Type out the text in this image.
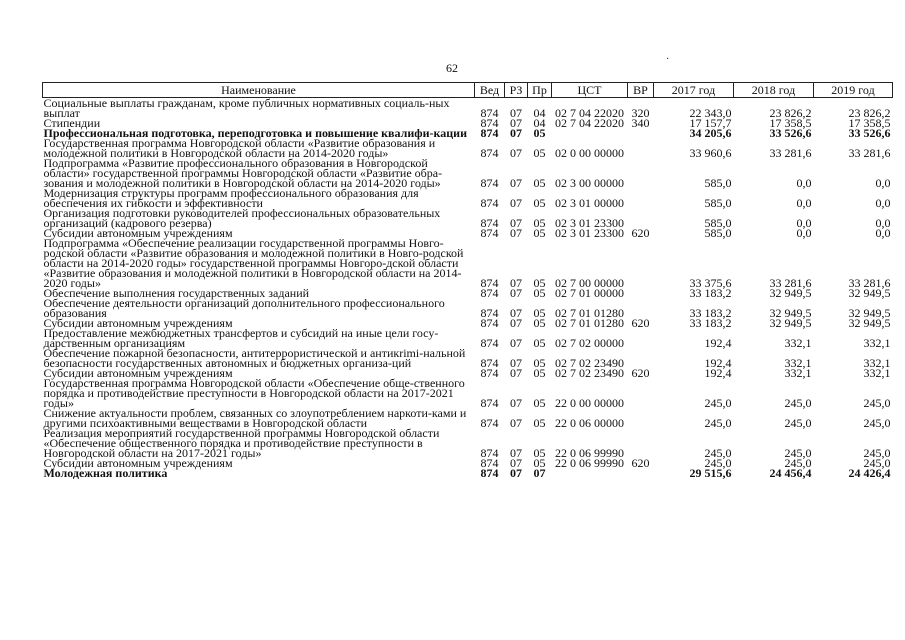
62
·
Наименование	Вед	РЗ	Пр	ЦСТ	ВР	2017 год	2018 год	2019 год
Социальные выплаты гражданам, кроме публичных нормативных социаль-ных выплат	874	07	04	02 7 04 22020	320	22 343,0	23 826,2	23 826,2
Стипендии	874	07	04	02 7 04 22020	340	17 157,7	17 358,5	17 358,5
Профессиональная подготовка, переподготовка и повышение квалифи-кации	874	07	05			34 205,6	33 526,6	33 526,6
Государственная программа Новгородской области «Развитие образования и молодежной политики в Новгородской области на 2014-2020 годы»	874	07	05	02 0 00 00000		33 960,6	33 281,6	33 281,6
Подпрограмма «Развитие профессионального образования в Новгородской области» государственной программы Новгородской области «Развитие обра-зования и молодежной политики в Новгородской области на 2014-2020 годы»	874	07	05	02 3 00 00000		585,0	0,0	0,0
Модернизация структуры программ профессионального образования для обеспечения их гибкости и эффективности	874	07	05	02 3 01 00000		585,0	0,0	0,0
Организация подготовки руководителей профессиональных образовательных организаций (кадрового резерва)	874	07	05	02 3 01 23300		585,0	0,0	0,0
Субсидии автономным учреждениям	874	07	05	02 3 01 23300	620	585,0	0,0	0,0
Подпрограмма «Обеспечение реализации государственной программы Новго-родской области «Развитие образования и молодежной политики в Новго-родской области на 2014-2020 годы» государственной программы Новгоро-дской области «Развитие образования и молодежной политики в Новгородской области на 2014-2020 годы»	874	07	05	02 7 00 00000		33 375,6	33 281,6	33 281,6
Обеспечение выполнения государственных заданий	874	07	05	02 7 01 00000		33 183,2	32 949,5	32 949,5
Обеспечение деятельности организаций дополнительного профессионального образования	874	07	05	02 7 01 01280		33 183,2	32 949,5	32 949,5
Субсидии автономным учреждениям	874	07	05	02 7 01 01280	620	33 183,2	32 949,5	32 949,5
Предоставление межбюджетных трансфертов и субсидий на иные цели госу-дарственным организациям	874	07	05	02 7 02 00000		192,4	332,1	332,1
Обеспечение пожарной безопасности, антитеррористической и антикrimi-нальной безопасности государственных автономных и бюджетных организа-ций	874	07	05	02 7 02 23490		192,4	332,1	332,1
Субсидии автономным учреждениям	874	07	05	02 7 02 23490	620	192,4	332,1	332,1
Государственная программа Новгородской области «Обеспечение обще-ственного порядка и противодействие преступности в Новгородской области на 2017-2021 годы»	874	07	05	22 0 00 00000		245,0	245,0	245,0
Снижение актуальности проблем, связанных со злоупотреблением наркоти-ками и другими психоактивными веществами в Новгородской области	874	07	05	22 0 06 00000		245,0	245,0	245,0
Реализация мероприятий государственной программы Новгородской области «Обеспечение общественного порядка и противодействие преступности в Новгородской области на 2017-2021 годы»	874	07	05	22 0 06 99990		245,0	245,0	245,0
Субсидии автономным учреждениям	874	07	05	22 0 06 99990	620	245,0	245,0	245,0
Молодежная политика	874	07	07			29 515,6	24 456,4	24 426,4
